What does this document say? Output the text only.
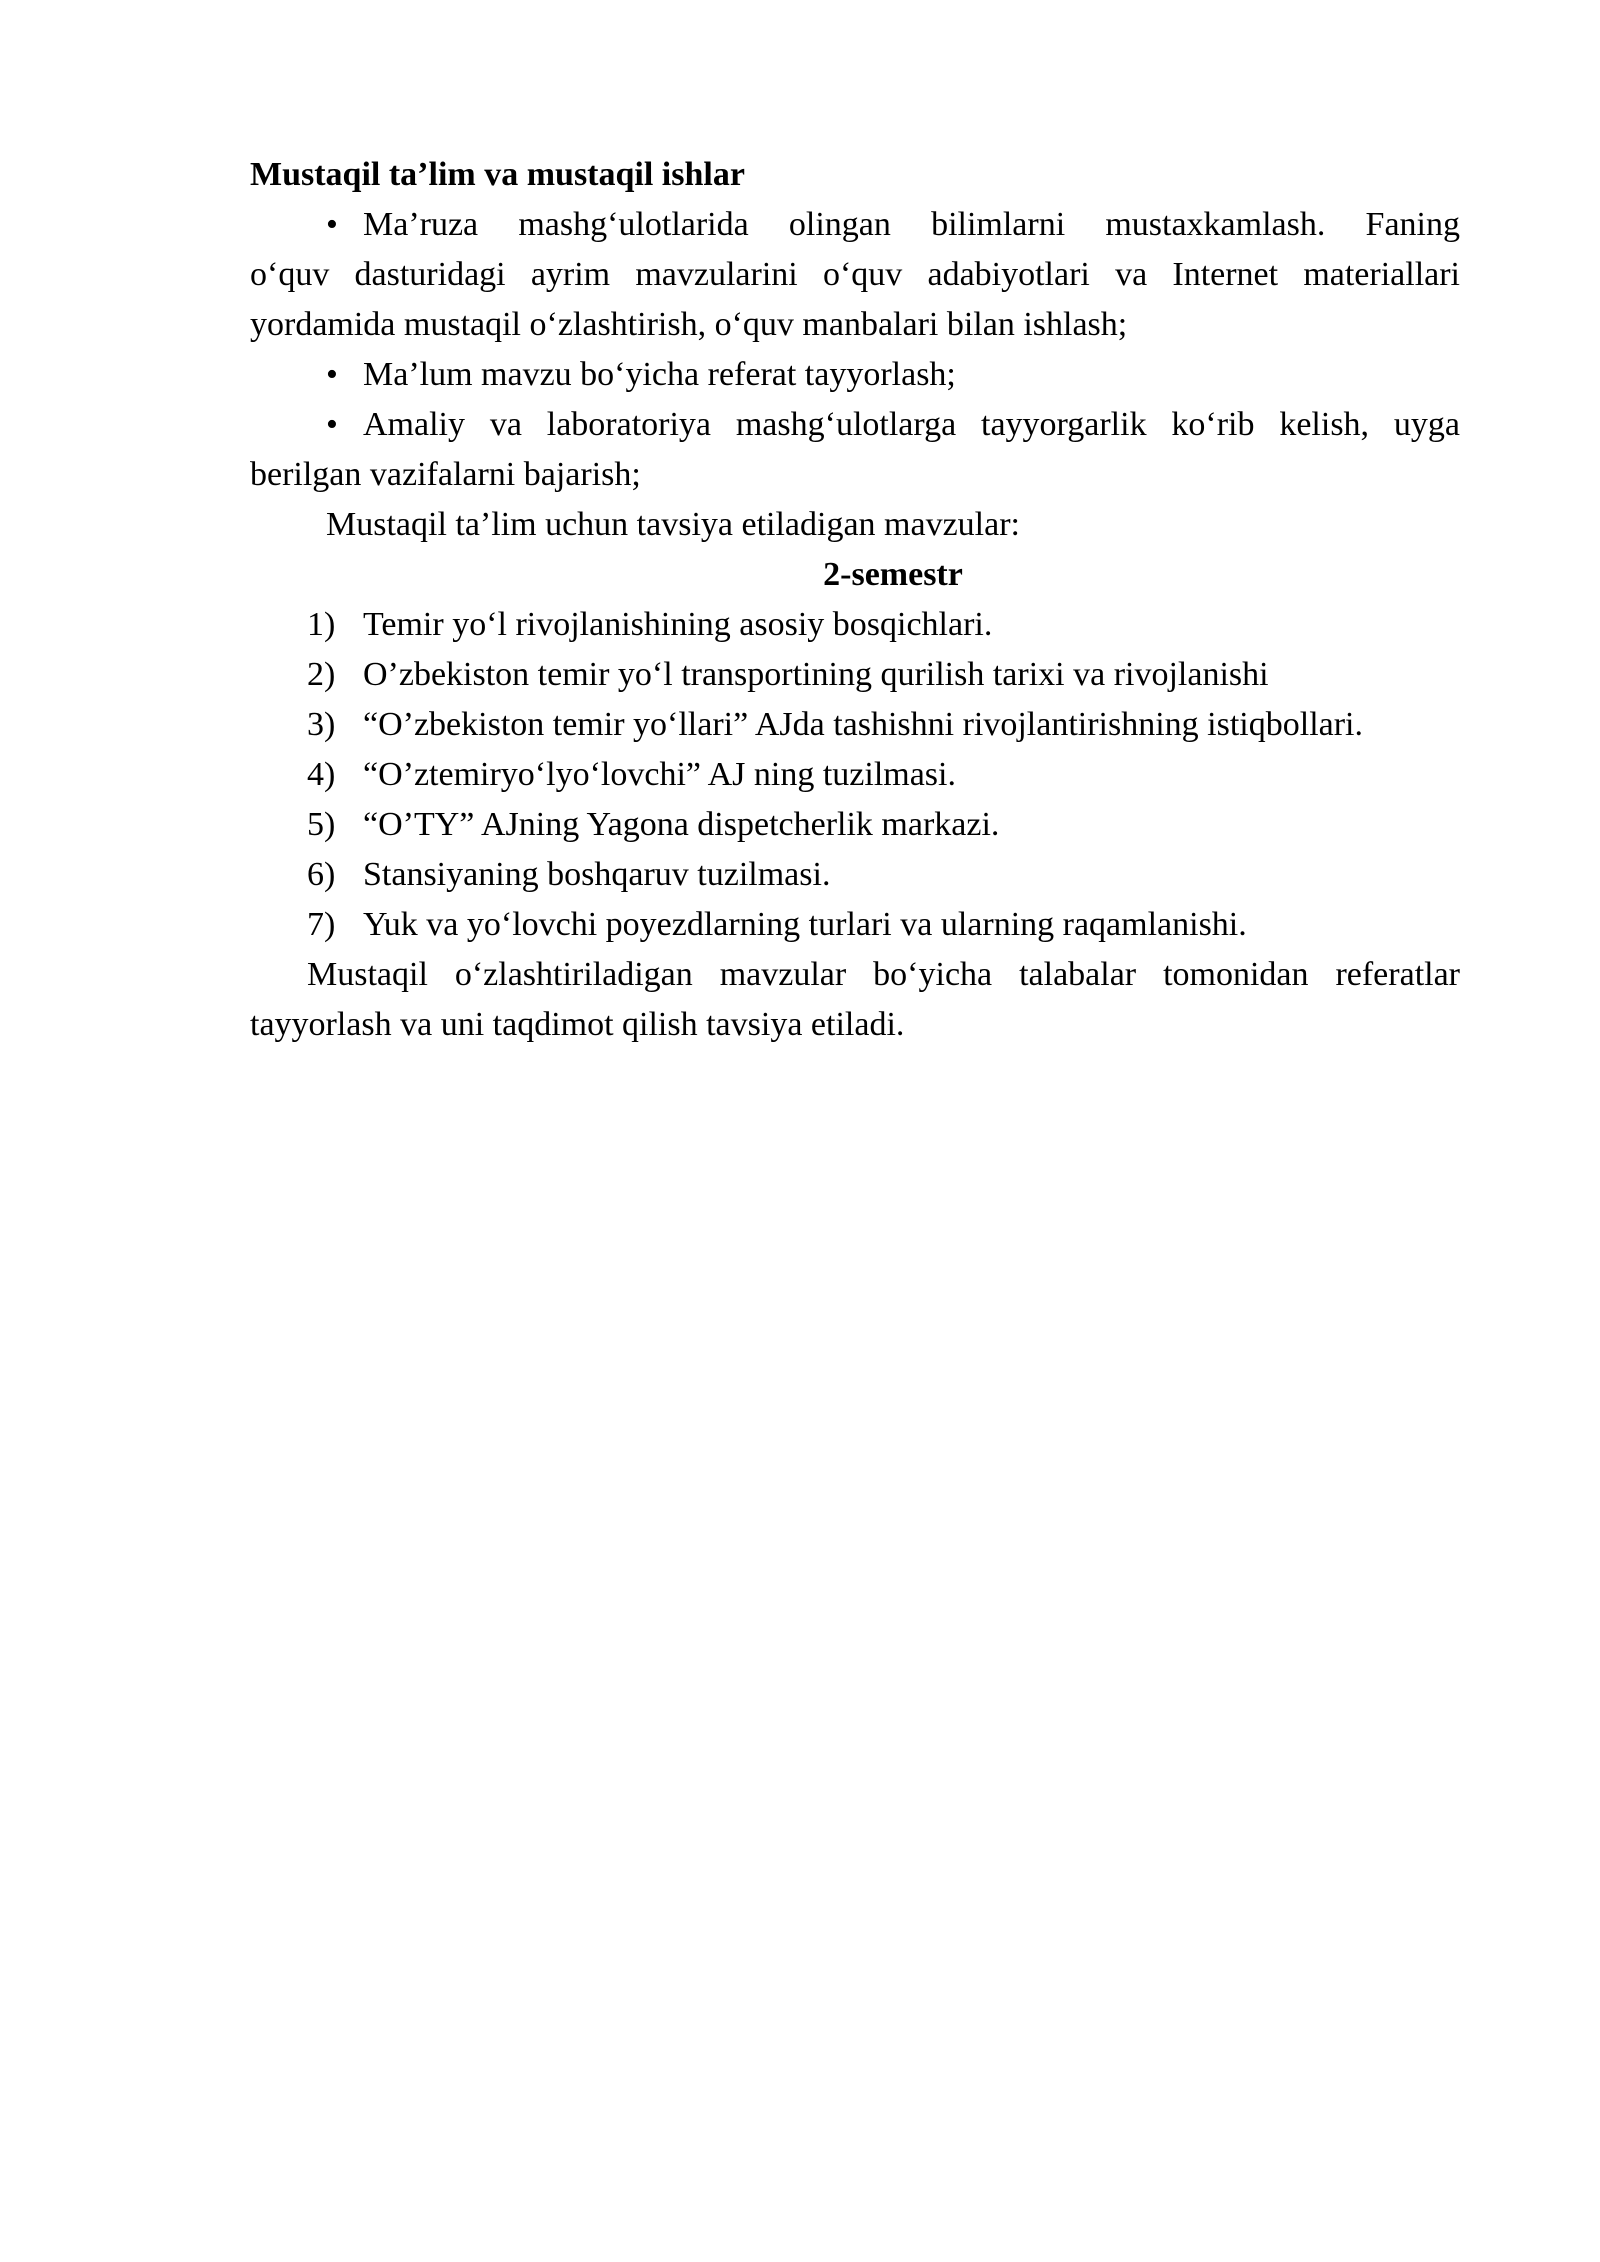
Mustaqil ta’lim va mustaqil ishlar
• Ma’ruza mashg‘ulotlarida olingan bilimlarni mustaxkamlash. Faning
o‘quv dasturidagi ayrim mavzularini o‘quv adabiyotlari va Internet materiallari
yordamida mustaqil o‘zlashtirish, o‘quv manbalari bilan ishlash;
• Ma’lum mavzu bo‘yicha referat tayyorlash;
• Amaliy va laboratoriya mashg‘ulotlarga tayyorgarlik ko‘rib kelish, uyga
berilgan vazifalarni bajarish;
Mustaqil ta’lim uchun tavsiya etiladigan mavzular:
2-semestr
1) Temir yo‘l rivojlanishining asosiy bosqichlari.
2) O’zbekiston temir yo‘l transportining qurilish tarixi va rivojlanishi
3) “O’zbekiston temir yo‘llari” AJda tashishni rivojlantirishning istiqbollari.
4) “O’ztemiryo‘lyo‘lovchi” AJ ning tuzilmasi.
5) “O’TY” AJning Yagona dispetcherlik markazi.
6) Stansiyaning boshqaruv tuzilmasi.
7) Yuk va yo‘lovchi poyezdlarning turlari va ularning raqamlanishi.
Mustaqil o‘zlashtiriladigan mavzular bo‘yicha talabalar tomonidan referatlar
tayyorlash va uni taqdimot qilish tavsiya etiladi.
